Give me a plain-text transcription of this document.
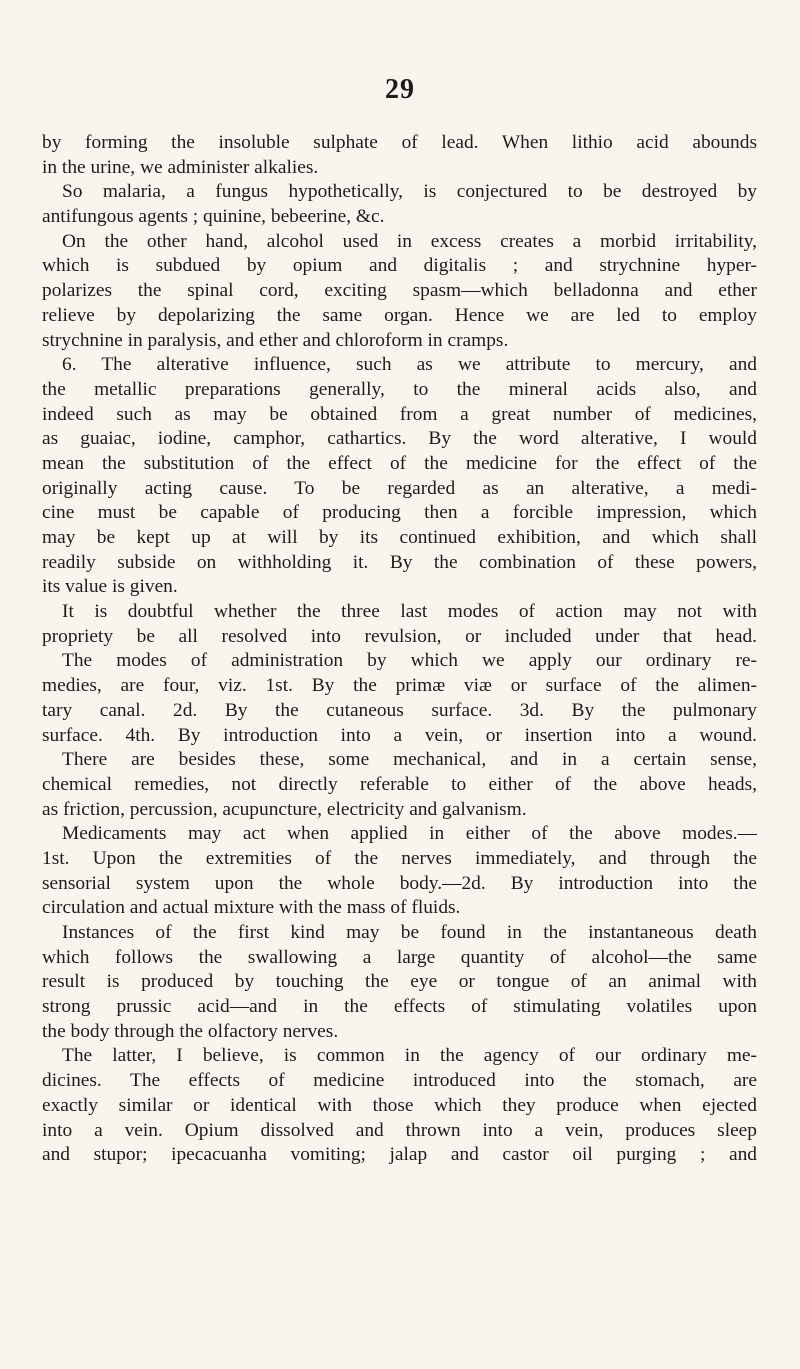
29
by forming the insoluble sulphate of lead. When lithio acid abounds
in the urine, we administer alkalies.
So malaria, a fungus hypothetically, is conjectured to be destroyed by
antifungous agents ; quinine, bebeerine, &c.
On the other hand, alcohol used in excess creates a morbid irritability,
which is subdued by opium and digitalis ; and strychnine hyper-
polarizes the spinal cord, exciting spasm—which belladonna and ether
relieve by depolarizing the same organ. Hence we are led to employ
strychnine in paralysis, and ether and chloroform in cramps.
6. The alterative influence, such as we attribute to mercury, and
the metallic preparations generally, to the mineral acids also, and
indeed such as may be obtained from a great number of medicines,
as guaiac, iodine, camphor, cathartics. By the word alterative, I would
mean the substitution of the effect of the medicine for the effect of the
originally acting cause. To be regarded as an alterative, a medi-
cine must be capable of producing then a forcible impression, which
may be kept up at will by its continued exhibition, and which shall
readily subside on withholding it. By the combination of these powers,
its value is given.
It is doubtful whether the three last modes of action may not with
propriety be all resolved into revulsion, or included under that head.
The modes of administration by which we apply our ordinary re-
medies, are four, viz. 1st. By the primæ viæ or surface of the alimen-
tary canal. 2d. By the cutaneous surface. 3d. By the pulmonary
surface. 4th. By introduction into a vein, or insertion into a wound.
There are besides these, some mechanical, and in a certain sense,
chemical remedies, not directly referable to either of the above heads,
as friction, percussion, acupuncture, electricity and galvanism.
Medicaments may act when applied in either of the above modes.—
1st. Upon the extremities of the nerves immediately, and through the
sensorial system upon the whole body.—2d. By introduction into the
circulation and actual mixture with the mass of fluids.
Instances of the first kind may be found in the instantaneous death
which follows the swallowing a large quantity of alcohol—the same
result is produced by touching the eye or tongue of an animal with
strong prussic acid—and in the effects of stimulating volatiles upon
the body through the olfactory nerves.
The latter, I believe, is common in the agency of our ordinary me-
dicines. The effects of medicine introduced into the stomach, are
exactly similar or identical with those which they produce when ejected
into a vein. Opium dissolved and thrown into a vein, produces sleep
and stupor; ipecacuanha vomiting; jalap and castor oil purging ; and
